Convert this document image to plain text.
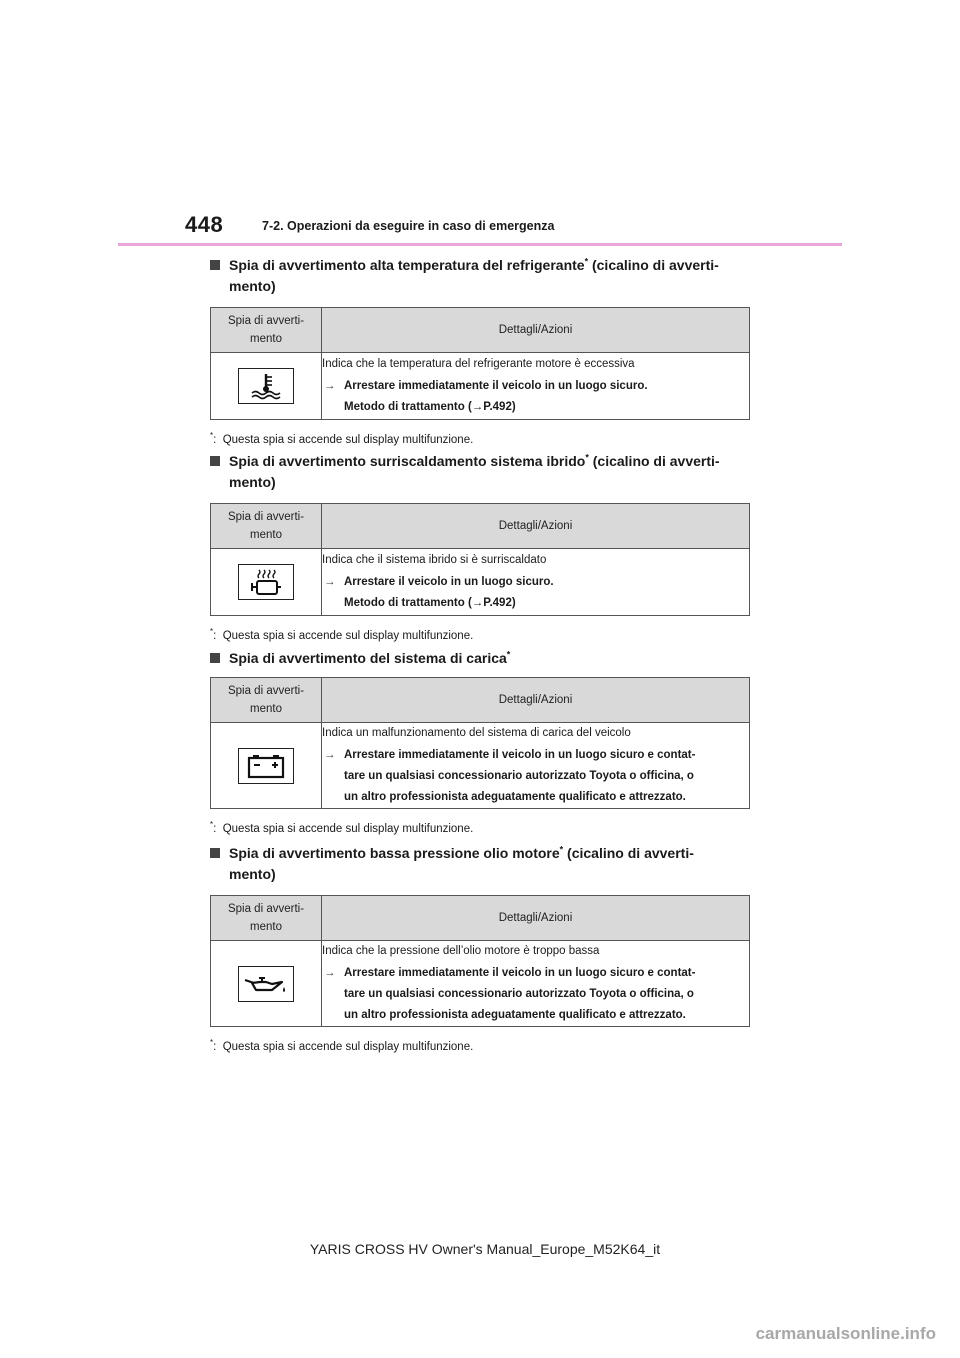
448	7-2. Operazioni da eseguire in caso di emergenza
Spia di avvertimento alta temperatura del refrigerante* (cicalino di avverti-
mento)
Spia di avverti-
mento	Dettagli/Azioni

Indica che la temperatura del refrigerante motore è eccessiva
→ Arrestare immediatamente il veicolo in un luogo sicuro.
Metodo di trattamento (→P.492)
*: Questa spia si accende sul display multifunzione.
Spia di avvertimento surriscaldamento sistema ibrido* (cicalino di avverti-
mento)
Spia di avverti-
mento	Dettagli/Azioni

Indica che il sistema ibrido si è surriscaldato
→ Arrestare il veicolo in un luogo sicuro.
Metodo di trattamento (→P.492)
*: Questa spia si accende sul display multifunzione.
Spia di avvertimento del sistema di carica*
Spia di avverti-
mento	Dettagli/Azioni

Indica un malfunzionamento del sistema di carica del veicolo
→ Arrestare immediatamente il veicolo in un luogo sicuro e contat-
tare un qualsiasi concessionario autorizzato Toyota o officina, o
un altro professionista adeguatamente qualificato e attrezzato.
*: Questa spia si accende sul display multifunzione.
Spia di avvertimento bassa pressione olio motore* (cicalino di avverti-
mento)
Spia di avverti-
mento	Dettagli/Azioni

Indica che la pressione dell’olio motore è troppo bassa
→ Arrestare immediatamente il veicolo in un luogo sicuro e contat-
tare un qualsiasi concessionario autorizzato Toyota o officina, o
un altro professionista adeguatamente qualificato e attrezzato.
*: Questa spia si accende sul display multifunzione.
YARIS CROSS HV Owner's Manual_Europe_M52K64_it
carmanualsonline.info
